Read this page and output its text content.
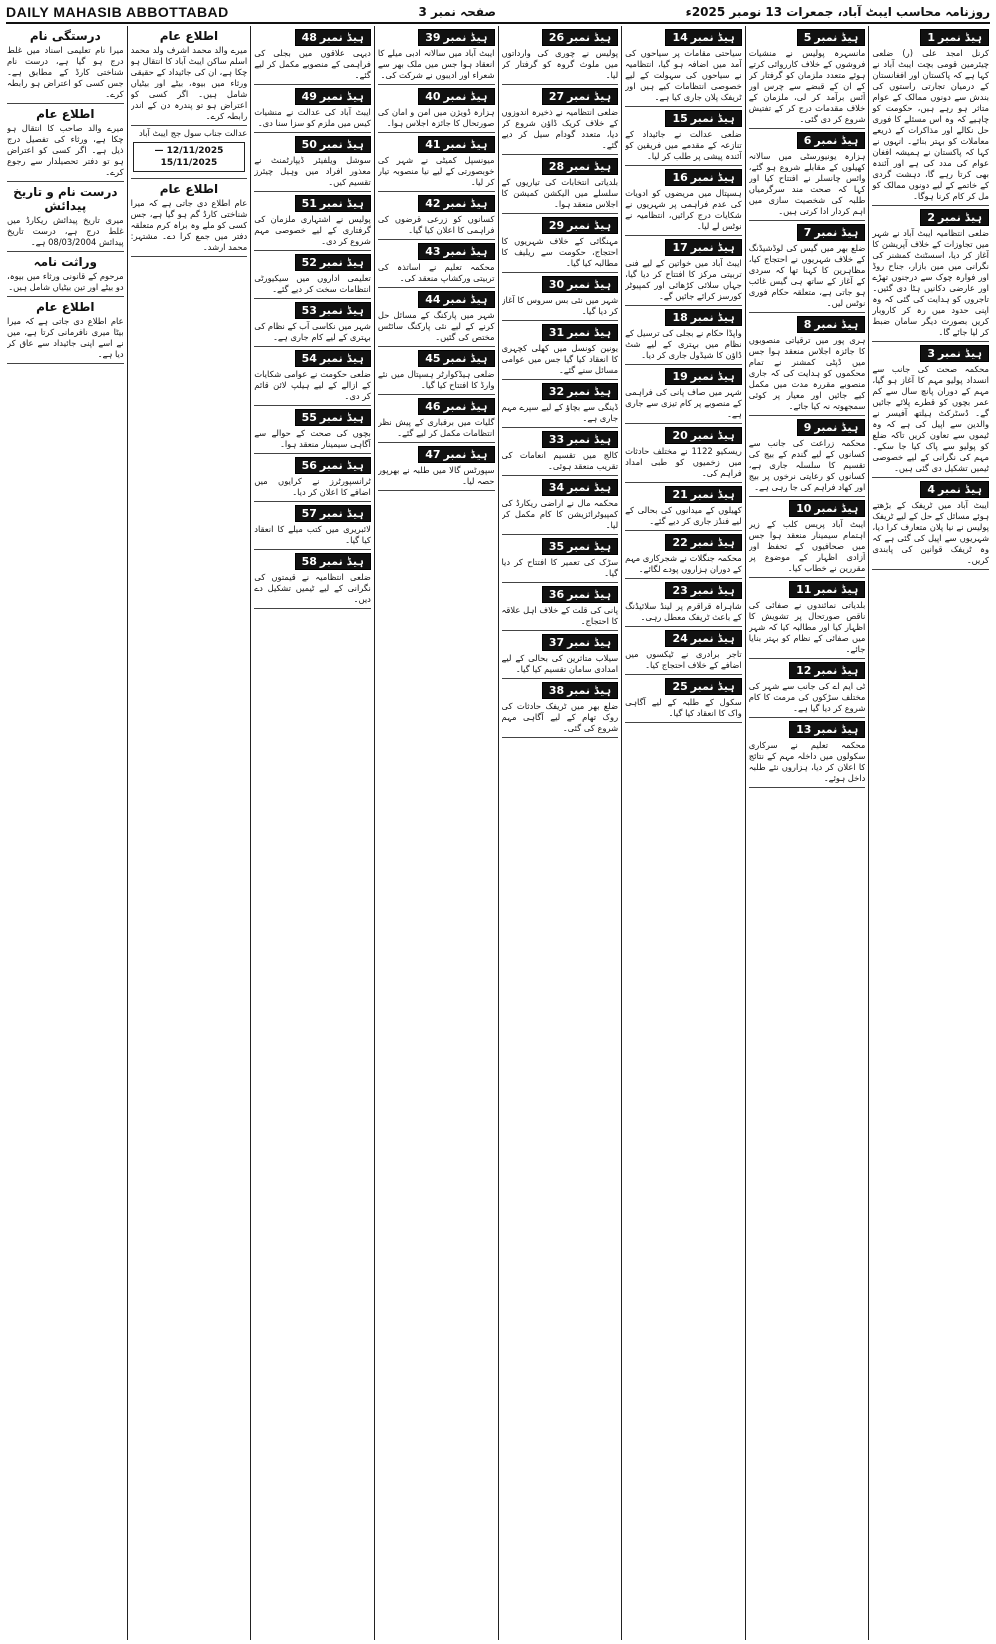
DAILY MAHASIB ABBOTTABAD	صفحہ نمبر 3	روزنامہ محاسب ایبٹ آباد، جمعرات 13 نومبر 2025ء
ہیڈ نمبر1
کرنل امجد علی (ر) ضلعی چیئرمین قومی بچت ایبٹ آباد نے کہا ہے کہ پاکستان اور افغانستان کے درمیان تجارتی راستوں کی بندش سے دونوں ممالک کے عوام متاثر ہو رہے ہیں، حکومت کو چاہیے کہ وہ اس مسئلے کا فوری حل نکالے اور مذاکرات کے ذریعے معاملات کو بہتر بنائے۔ انہوں نے کہا کہ پاکستان نے ہمیشہ افغان عوام کی مدد کی ہے اور آئندہ بھی کرتا رہے گا، دہشت گردی کے خاتمے کے لیے دونوں ممالک کو مل کر کام کرنا ہوگا۔
ہیڈ نمبر2
ضلعی انتظامیہ ایبٹ آباد نے شہر میں تجاوزات کے خلاف آپریشن کا آغاز کر دیا، اسسٹنٹ کمشنر کی نگرانی میں مین بازار، جناح روڈ اور فوارہ چوک سے درجنوں تھڑے اور عارضی دکانیں ہٹا دی گئیں۔ تاجروں کو ہدایت کی گئی کہ وہ اپنی حدود میں رہ کر کاروبار کریں بصورت دیگر سامان ضبط کر لیا جائے گا۔
ہیڈ نمبر3
محکمہ صحت کی جانب سے انسداد پولیو مہم کا آغاز ہو گیا، مہم کے دوران پانچ سال سے کم عمر بچوں کو قطرے پلائے جائیں گے۔ ڈسٹرکٹ ہیلتھ آفیسر نے والدین سے اپیل کی ہے کہ وہ ٹیموں سے تعاون کریں تاکہ ضلع کو پولیو سے پاک کیا جا سکے۔ مہم کی نگرانی کے لیے خصوصی ٹیمیں تشکیل دی گئی ہیں۔
ہیڈ نمبر4
ایبٹ آباد میں ٹریفک کے بڑھتے ہوئے مسائل کے حل کے لیے ٹریفک پولیس نے نیا پلان متعارف کرا دیا، شہریوں سے اپیل کی گئی ہے کہ وہ ٹریفک قوانین کی پابندی کریں۔
ہیڈ نمبر5
مانسہرہ پولیس نے منشیات فروشوں کے خلاف کارروائی کرتے ہوئے متعدد ملزمان کو گرفتار کر کے ان کے قبضے سے چرس اور آئس برآمد کر لی، ملزمان کے خلاف مقدمات درج کر کے تفتیش شروع کر دی گئی۔
ہیڈ نمبر6
ہزارہ یونیورسٹی میں سالانہ کھیلوں کے مقابلے شروع ہو گئے، وائس چانسلر نے افتتاح کیا اور کہا کہ صحت مند سرگرمیاں طلبہ کی شخصیت سازی میں اہم کردار ادا کرتی ہیں۔
ہیڈ نمبر7
ضلع بھر میں گیس کی لوڈشیڈنگ کے خلاف شہریوں نے احتجاج کیا، مظاہرین کا کہنا تھا کہ سردی کے آغاز کے ساتھ ہی گیس غائب ہو جاتی ہے، متعلقہ حکام فوری نوٹس لیں۔
ہیڈ نمبر8
ہری پور میں ترقیاتی منصوبوں کا جائزہ اجلاس منعقد ہوا جس میں ڈپٹی کمشنر نے تمام محکموں کو ہدایت کی کہ جاری منصوبے مقررہ مدت میں مکمل کیے جائیں اور معیار پر کوئی سمجھوتہ نہ کیا جائے۔
ہیڈ نمبر9
محکمہ زراعت کی جانب سے کسانوں کے لیے گندم کے بیج کی تقسیم کا سلسلہ جاری ہے، کسانوں کو رعایتی نرخوں پر بیج اور کھاد فراہم کی جا رہی ہے۔
ہیڈ نمبر10
ایبٹ آباد پریس کلب کے زیر اہتمام سیمینار منعقد ہوا جس میں صحافیوں کے تحفظ اور آزادی اظہار کے موضوع پر مقررین نے خطاب کیا۔
ہیڈ نمبر11
بلدیاتی نمائندوں نے صفائی کی ناقص صورتحال پر تشویش کا اظہار کیا اور مطالبہ کیا کہ شہر میں صفائی کے نظام کو بہتر بنایا جائے۔
ہیڈ نمبر12
ٹی ایم اے کی جانب سے شہر کی مختلف سڑکوں کی مرمت کا کام شروع کر دیا گیا ہے۔
ہیڈ نمبر13
محکمہ تعلیم نے سرکاری سکولوں میں داخلہ مہم کے نتائج کا اعلان کر دیا، ہزاروں نئے طلبہ داخل ہوئے۔
ہیڈ نمبر14
سیاحتی مقامات پر سیاحوں کی آمد میں اضافہ ہو گیا، انتظامیہ نے سیاحوں کی سہولت کے لیے خصوصی انتظامات کیے ہیں اور ٹریفک پلان جاری کیا ہے۔
ہیڈ نمبر15
ضلعی عدالت نے جائیداد کے تنازعہ کے مقدمے میں فریقین کو آئندہ پیشی پر طلب کر لیا۔
ہیڈ نمبر16
ہسپتال میں مریضوں کو ادویات کی عدم فراہمی پر شہریوں نے شکایات درج کرائیں، انتظامیہ نے نوٹس لے لیا۔
ہیڈ نمبر17
ایبٹ آباد میں خواتین کے لیے فنی تربیتی مرکز کا افتتاح کر دیا گیا، جہاں سلائی کڑھائی اور کمپیوٹر کورسز کرائے جائیں گے۔
ہیڈ نمبر18
واپڈا حکام نے بجلی کی ترسیل کے نظام میں بہتری کے لیے شٹ ڈاؤن کا شیڈول جاری کر دیا۔
ہیڈ نمبر19
شہر میں صاف پانی کی فراہمی کے منصوبے پر کام تیزی سے جاری ہے۔
ہیڈ نمبر20
ریسکیو 1122 نے مختلف حادثات میں زخمیوں کو طبی امداد فراہم کی۔
ہیڈ نمبر21
کھیلوں کے میدانوں کی بحالی کے لیے فنڈز جاری کر دیے گئے۔
ہیڈ نمبر22
محکمہ جنگلات نے شجرکاری مہم کے دوران ہزاروں پودے لگائے۔
ہیڈ نمبر23
شاہراہ قراقرم پر لینڈ سلائیڈنگ کے باعث ٹریفک معطل رہی۔
ہیڈ نمبر24
تاجر برادری نے ٹیکسوں میں اضافے کے خلاف احتجاج کیا۔
ہیڈ نمبر25
سکول کے طلبہ کے لیے آگاہی واک کا انعقاد کیا گیا۔
ہیڈ نمبر26
پولیس نے چوری کی وارداتوں میں ملوث گروہ کو گرفتار کر لیا۔
ہیڈ نمبر27
ضلعی انتظامیہ نے ذخیرہ اندوزوں کے خلاف کریک ڈاؤن شروع کر دیا، متعدد گودام سیل کر دیے گئے۔
ہیڈ نمبر28
بلدیاتی انتخابات کی تیاریوں کے سلسلے میں الیکشن کمیشن کا اجلاس منعقد ہوا۔
ہیڈ نمبر29
مہنگائی کے خلاف شہریوں کا احتجاج، حکومت سے ریلیف کا مطالبہ کیا گیا۔
ہیڈ نمبر30
شہر میں نئی بس سروس کا آغاز کر دیا گیا۔
ہیڈ نمبر31
یونین کونسل میں کھلی کچہری کا انعقاد کیا گیا جس میں عوامی مسائل سنے گئے۔
ہیڈ نمبر32
ڈینگی سے بچاؤ کے لیے سپرے مہم جاری ہے۔
ہیڈ نمبر33
کالج میں تقسیم انعامات کی تقریب منعقد ہوئی۔
ہیڈ نمبر34
محکمہ مال نے اراضی ریکارڈ کی کمپیوٹرائزیشن کا کام مکمل کر لیا۔
ہیڈ نمبر35
سڑک کی تعمیر کا افتتاح کر دیا گیا۔
ہیڈ نمبر36
پانی کی قلت کے خلاف اہل علاقہ کا احتجاج۔
ہیڈ نمبر37
سیلاب متاثرین کی بحالی کے لیے امدادی سامان تقسیم کیا گیا۔
ہیڈ نمبر38
ضلع بھر میں ٹریفک حادثات کی روک تھام کے لیے آگاہی مہم شروع کی گئی۔
ہیڈ نمبر39
ایبٹ آباد میں سالانہ ادبی میلے کا انعقاد ہوا جس میں ملک بھر سے شعراء اور ادیبوں نے شرکت کی۔
ہیڈ نمبر40
ہزارہ ڈویژن میں امن و امان کی صورتحال کا جائزہ اجلاس ہوا۔
ہیڈ نمبر41
میونسپل کمیٹی نے شہر کی خوبصورتی کے لیے نیا منصوبہ تیار کر لیا۔
ہیڈ نمبر42
کسانوں کو زرعی قرضوں کی فراہمی کا اعلان کیا گیا۔
ہیڈ نمبر43
محکمہ تعلیم نے اساتذہ کی تربیتی ورکشاپ منعقد کی۔
ہیڈ نمبر44
شہر میں پارکنگ کے مسائل حل کرنے کے لیے نئی پارکنگ سائٹس مختص کی گئیں۔
ہیڈ نمبر45
ضلعی ہیڈکوارٹر ہسپتال میں نئے وارڈ کا افتتاح کیا گیا۔
ہیڈ نمبر46
گلیات میں برفباری کے پیش نظر انتظامات مکمل کر لیے گئے۔
ہیڈ نمبر47
سپورٹس گالا میں طلبہ نے بھرپور حصہ لیا۔
ہیڈ نمبر48
دیہی علاقوں میں بجلی کی فراہمی کے منصوبے مکمل کر لیے گئے۔
ہیڈ نمبر49
ایبٹ آباد کی عدالت نے منشیات کیس میں ملزم کو سزا سنا دی۔
ہیڈ نمبر50
سوشل ویلفیئر ڈیپارٹمنٹ نے معذور افراد میں وہیل چیئرز تقسیم کیں۔
ہیڈ نمبر51
پولیس نے اشتہاری ملزمان کی گرفتاری کے لیے خصوصی مہم شروع کر دی۔
ہیڈ نمبر52
تعلیمی اداروں میں سیکیورٹی انتظامات سخت کر دیے گئے۔
ہیڈ نمبر53
شہر میں نکاسی آب کے نظام کی بہتری کے لیے کام جاری ہے۔
ہیڈ نمبر54
ضلعی حکومت نے عوامی شکایات کے ازالے کے لیے ہیلپ لائن قائم کر دی۔
ہیڈ نمبر55
بچوں کی صحت کے حوالے سے آگاہی سیمینار منعقد ہوا۔
ہیڈ نمبر56
ٹرانسپورٹرز نے کرایوں میں اضافے کا اعلان کر دیا۔
ہیڈ نمبر57
لائبریری میں کتب میلے کا انعقاد کیا گیا۔
ہیڈ نمبر58
ضلعی انتظامیہ نے قیمتوں کی نگرانی کے لیے ٹیمیں تشکیل دے دیں۔
اطلاع عام
میرے والد محمد اشرف ولد محمد اسلم ساکن ایبٹ آباد کا انتقال ہو چکا ہے، ان کی جائیداد کے حقیقی ورثاء میں بیوہ، بیٹے اور بیٹیاں شامل ہیں۔ اگر کسی کو اعتراض ہو تو پندرہ دن کے اندر رابطہ کرے۔
عدالت جناب سول جج ایبٹ آباد
12/11/2025 — 15/11/2025
اطلاع عام
عام اطلاع دی جاتی ہے کہ میرا شناختی کارڈ گم ہو گیا ہے، جس کسی کو ملے وہ براہ کرم متعلقہ دفتر میں جمع کرا دے۔ مشتہر: محمد ارشد۔
درستگی نام
میرا نام تعلیمی اسناد میں غلط درج ہو گیا ہے، درست نام شناختی کارڈ کے مطابق ہے۔ جس کسی کو اعتراض ہو رابطہ کرے۔
اطلاع عام
میرے والد صاحب کا انتقال ہو چکا ہے، ورثاء کی تفصیل درج ذیل ہے۔ اگر کسی کو اعتراض ہو تو دفتر تحصیلدار سے رجوع کرے۔
درست نام و تاریخ پیدائش
میری تاریخ پیدائش ریکارڈ میں غلط درج ہے، درست تاریخ پیدائش 08/03/2004 ہے۔
وراثت نامہ
مرحوم کے قانونی ورثاء میں بیوہ، دو بیٹے اور تین بیٹیاں شامل ہیں۔
اطلاع عام
عام اطلاع دی جاتی ہے کہ میرا بیٹا میری نافرمانی کرتا ہے، میں نے اسے اپنی جائیداد سے عاق کر دیا ہے۔
